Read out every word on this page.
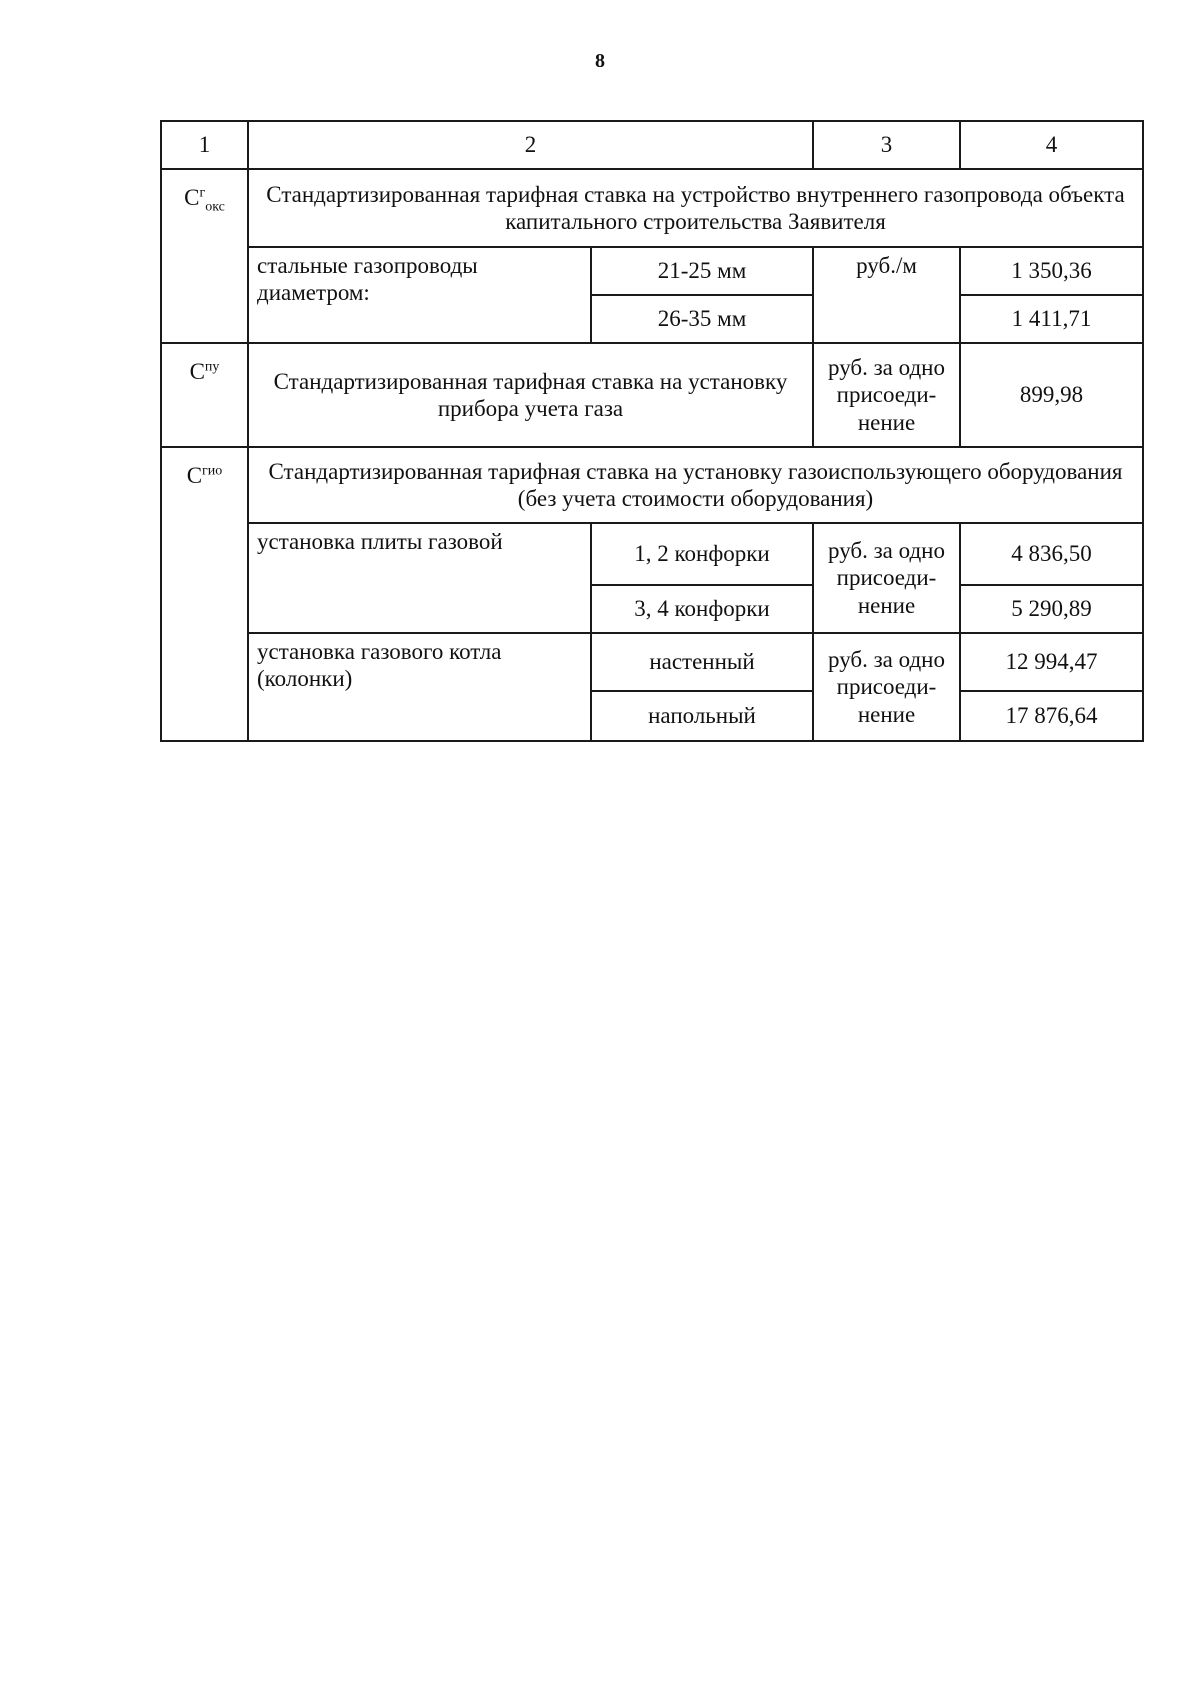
8
1	2		3	4
$С^г_{окс}$	Стандартизированная тарифная ставка на устройство внутреннего газопровода объекта капитального строительства Заявителя			
	стальные газопроводы диаметром:	21-25 мм	руб./м	1 350,36
		26-35 мм		1 411,71
$С^{пу}$	Стандартизированная тарифная ставка на установку прибора учета газа		руб. за одно присоеди-нение	899,98
$С^{гио}$	Стандартизированная тарифная ставка на установку газоиспользующего оборудования (без учета стоимости оборудования)			
	установка плиты газовой	1, 2 конфорки	руб. за одно присоеди-нение	4 836,50
		3, 4 конфорки		5 290,89
	установка газового котла (колонки)	настенный	руб. за одно присоеди-нение	12 994,47
		напольный		17 876,64
